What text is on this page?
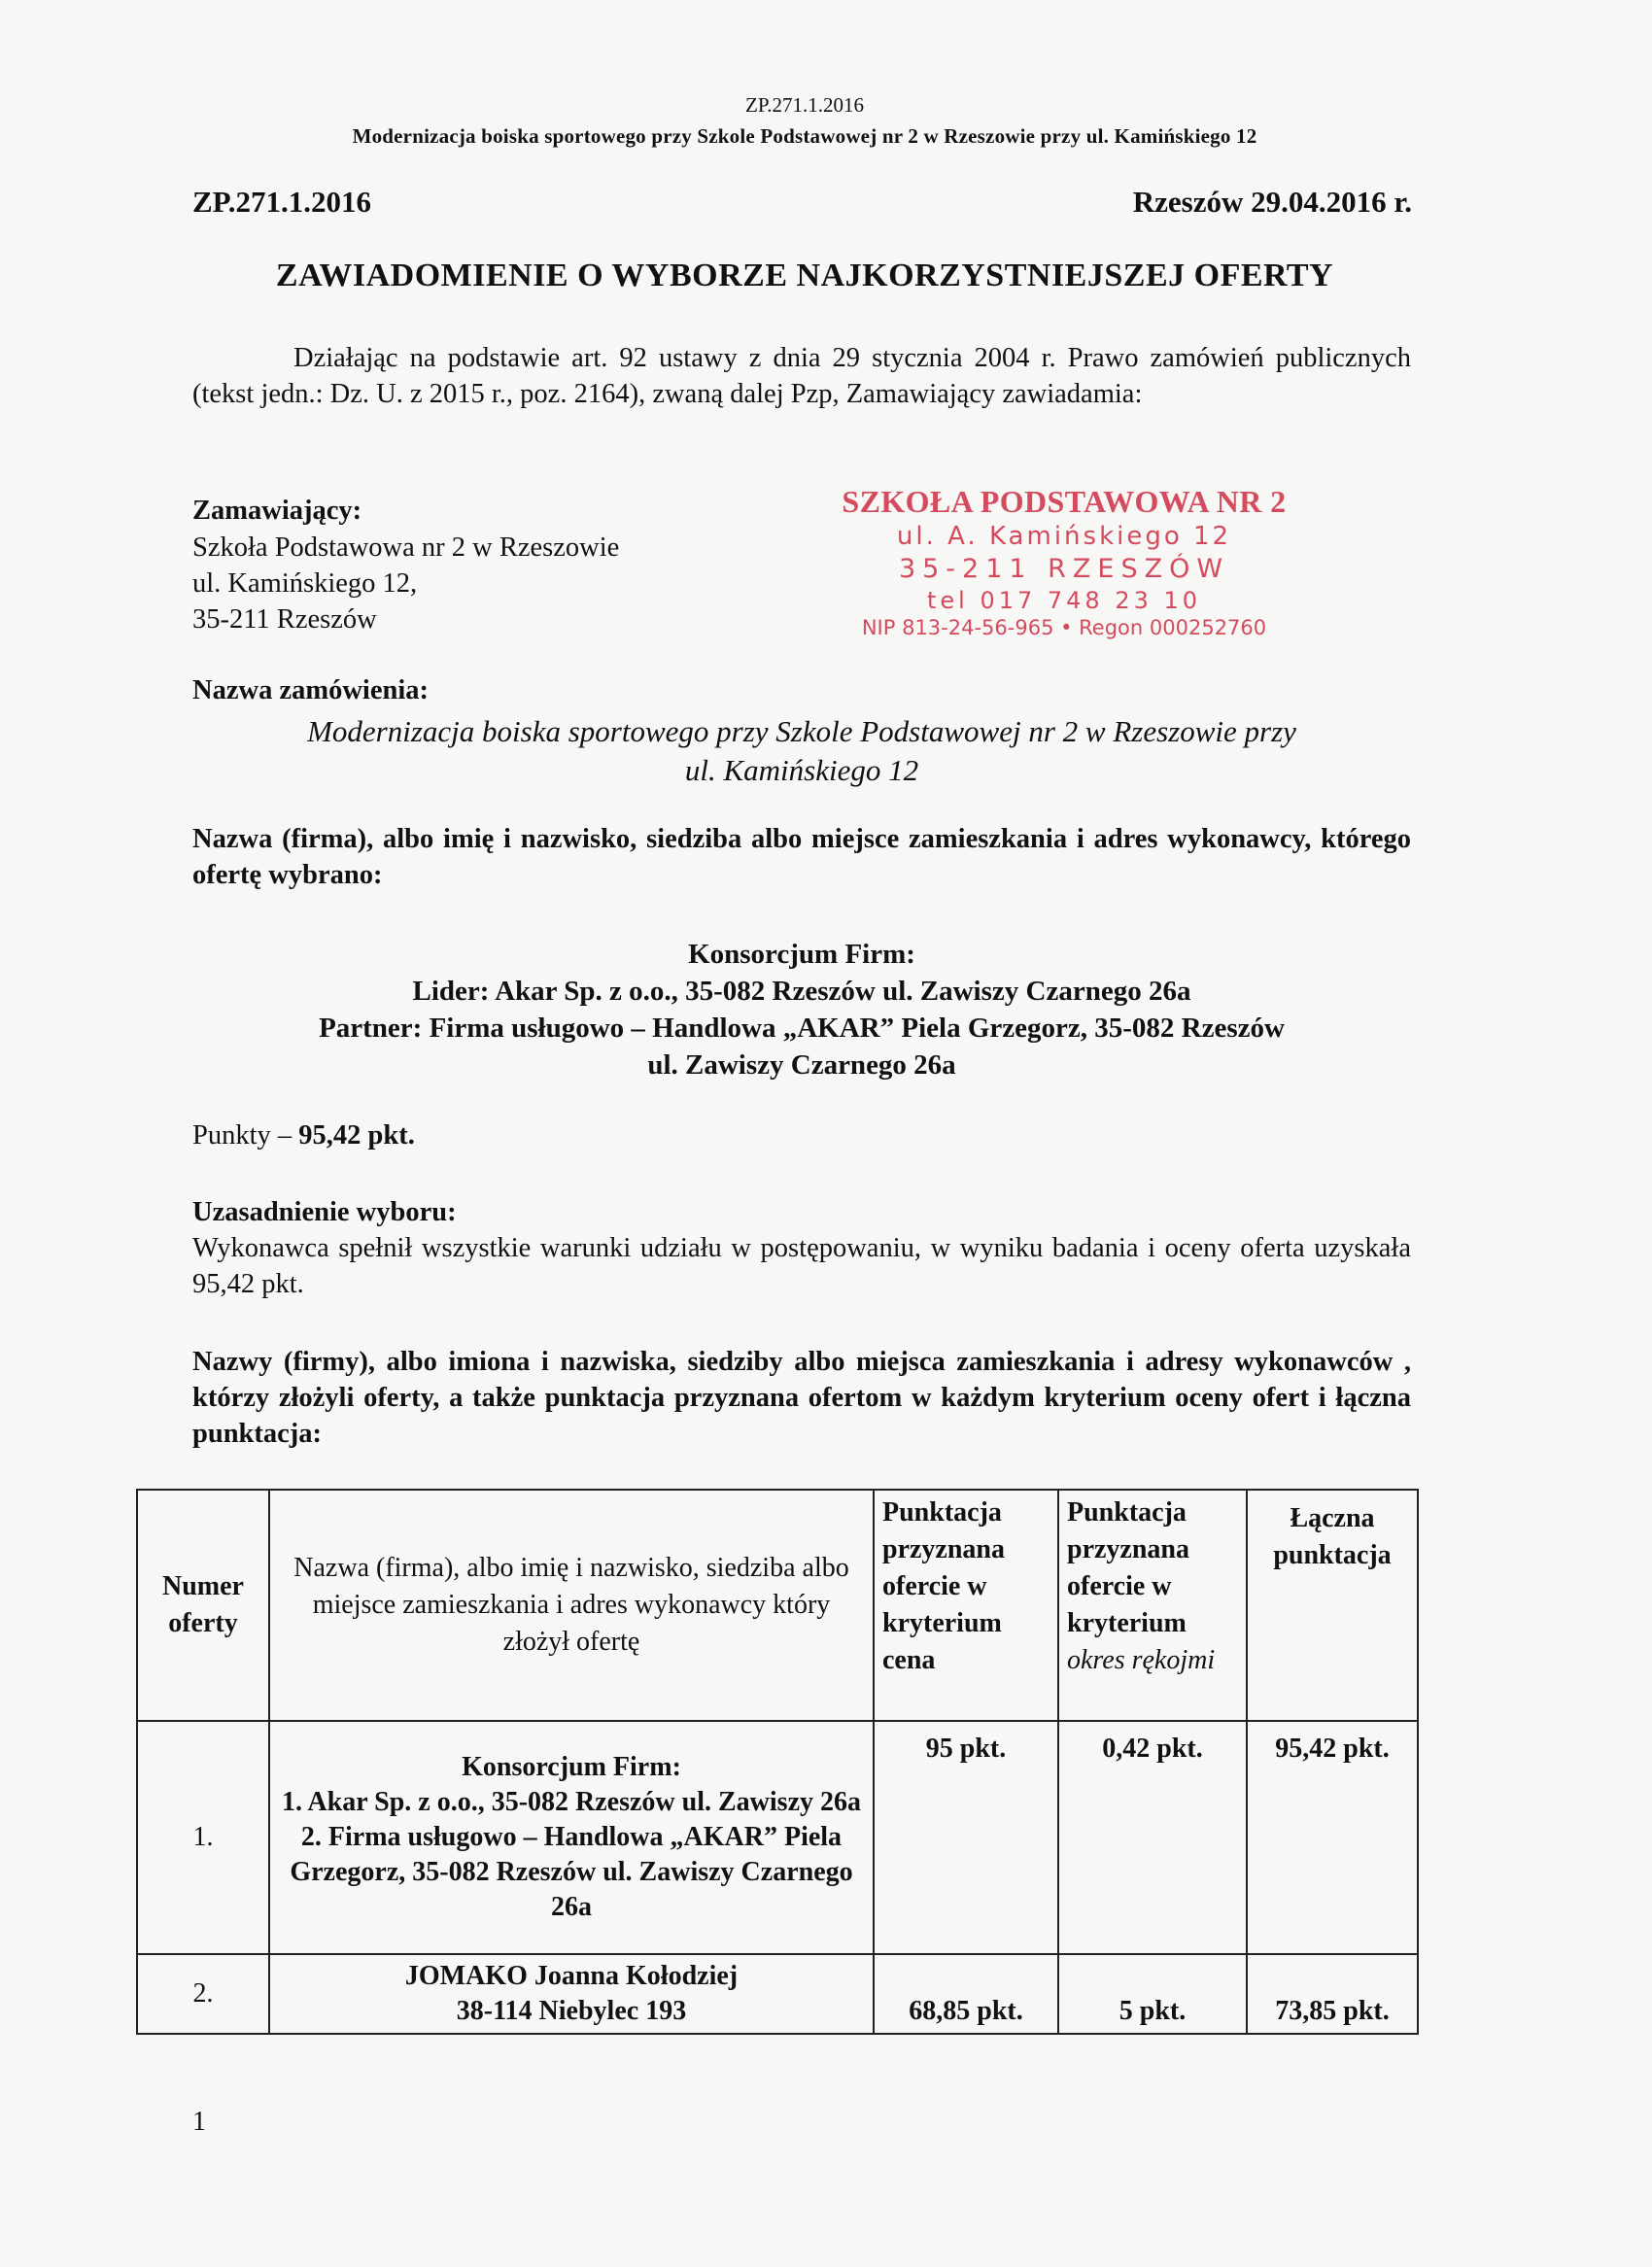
ZP.271.1.2016
Modernizacja boiska sportowego przy Szkole Podstawowej nr 2 w Rzeszowie przy ul. Kamińskiego 12
ZP.271.1.2016	Rzeszów 29.04.2016 r.
ZAWIADOMIENIE O WYBORZE NAJKORZYSTNIEJSZEJ OFERTY
Działając na podstawie art. 92 ustawy z dnia 29 stycznia 2004 r. Prawo zamówień publicznych (tekst jedn.: Dz. U. z 2015 r., poz. 2164), zwaną dalej Pzp, Zamawiający zawiadamia:
Zamawiający:
Szkoła Podstawowa nr 2 w Rzeszowie
ul. Kamińskiego 12,
35-211 Rzeszów
SZKOŁA PODSTAWOWA NR 2
ul. A. Kamińskiego 12
35-211 RZESZÓW
tel 017 748 23 10
NIP 813-24-56-965 • Regon 000252760
Nazwa zamówienia:
Modernizacja boiska sportowego przy Szkole Podstawowej nr 2 w Rzeszowie przy
ul. Kamińskiego 12
Nazwa (firma), albo imię i nazwisko, siedziba albo miejsce zamieszkania i adres wykonawcy, którego ofertę wybrano:
Konsorcjum Firm:
Lider: Akar Sp. z o.o., 35-082 Rzeszów ul. Zawiszy Czarnego 26a
Partner: Firma usługowo – Handlowa „AKAR” Piela Grzegorz, 35-082 Rzeszów
ul. Zawiszy Czarnego 26a
Punkty – 95,42 pkt.
Uzasadnienie wyboru:
Wykonawca spełnił wszystkie warunki udziału w postępowaniu, w wyniku badania i oceny oferta uzyskała 95,42 pkt.
Nazwy (firmy), albo imiona i nazwiska, siedziby albo miejsca zamieszkania i adresy wykonawców , którzy złożyli oferty, a także punktacja przyznana ofertom w każdym kryterium oceny ofert i łączna punktacja:
Numer oferty	Nazwa (firma), albo imię i nazwisko, siedziba albo miejsce zamieszkania i adres wykonawcy który złożył ofertę	Punktacja przyznana ofercie w kryterium cena	Punktacja przyznana ofercie w kryterium okres rękojmi	Łączna punktacja
1.	Konsorcjum Firm:
1. Akar Sp. z o.o., 35-082 Rzeszów ul. Zawiszy 26a
2. Firma usługowo – Handlowa „AKAR” Piela Grzegorz, 35-082 Rzeszów ul. Zawiszy Czarnego 26a	95 pkt.	0,42 pkt.	95,42 pkt.
2.	JOMAKO Joanna Kołodziej
38-114 Niebylec 193	68,85 pkt.	5 pkt.	73,85 pkt.
1
